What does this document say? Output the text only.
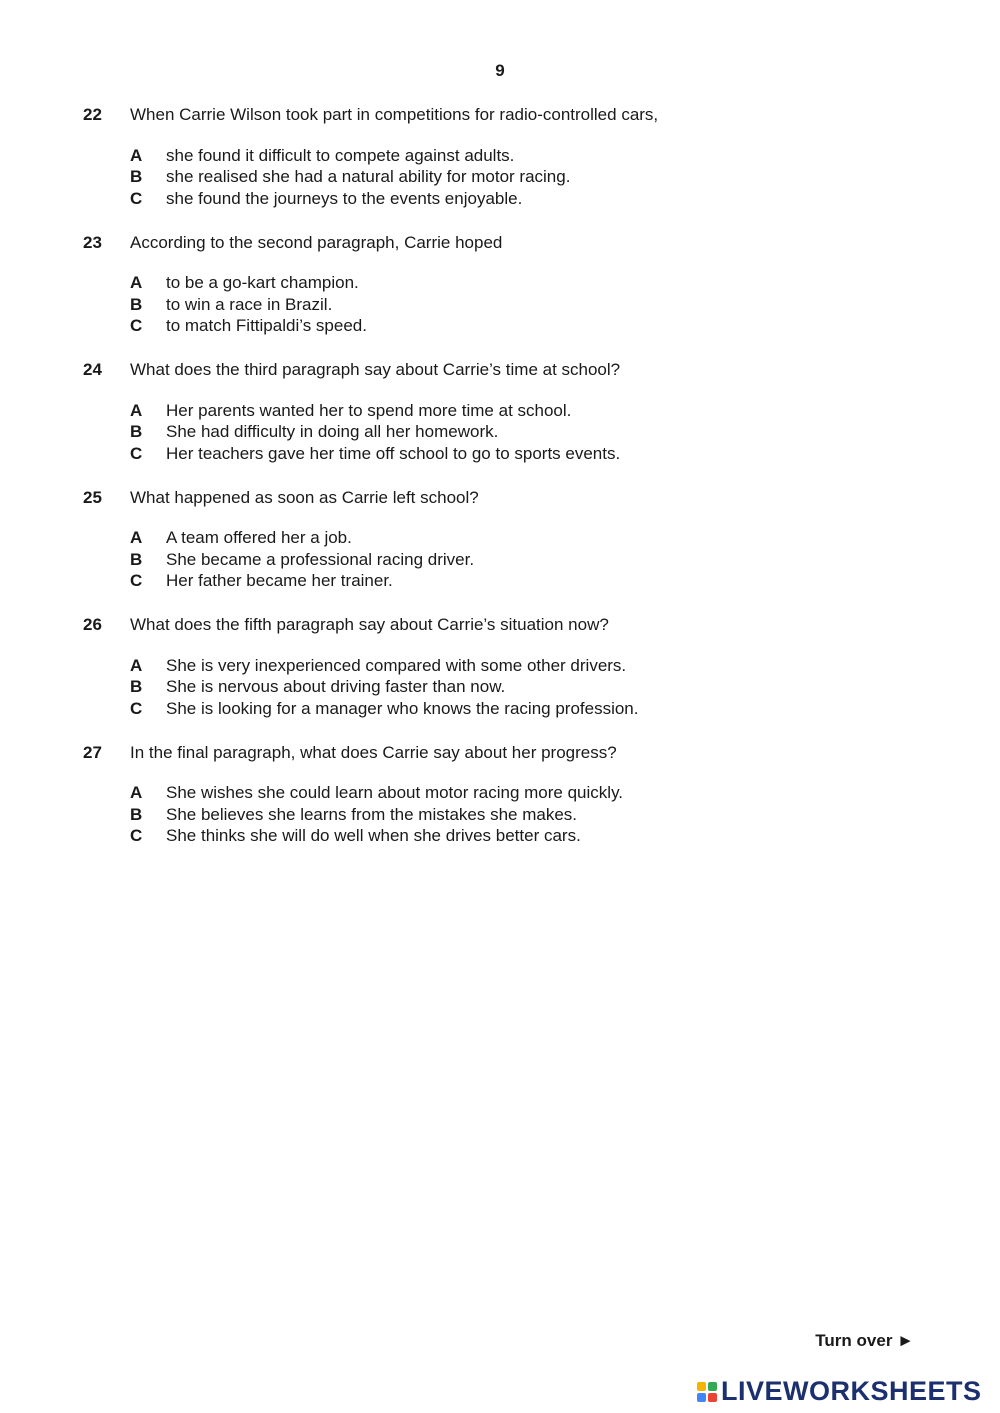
9
22	When Carrie Wilson took part in competitions for radio-controlled cars,
A	she found it difficult to compete against adults.
B	she realised she had a natural ability for motor racing.
C	she found the journeys to the events enjoyable.
23	According to the second paragraph, Carrie hoped
A	to be a go-kart champion.
B	to win a race in Brazil.
C	to match Fittipaldi’s speed.
24	What does the third paragraph say about Carrie’s time at school?
A	Her parents wanted her to spend more time at school.
B	She had difficulty in doing all her homework.
C	Her teachers gave her time off school to go to sports events.
25	What happened as soon as Carrie left school?
A	A team offered her a job.
B	She became a professional racing driver.
C	Her father became her trainer.
26	What does the fifth paragraph say about Carrie’s situation now?
A	She is very inexperienced compared with some other drivers.
B	She is nervous about driving faster than now.
C	She is looking for a manager who knows the racing profession.
27	In the final paragraph, what does Carrie say about her progress?
A	She wishes she could learn about motor racing more quickly.
B	She believes she learns from the mistakes she makes.
C	She thinks she will do well when she drives better cars.
Turn over ►
LIVEWORKSHEETS
